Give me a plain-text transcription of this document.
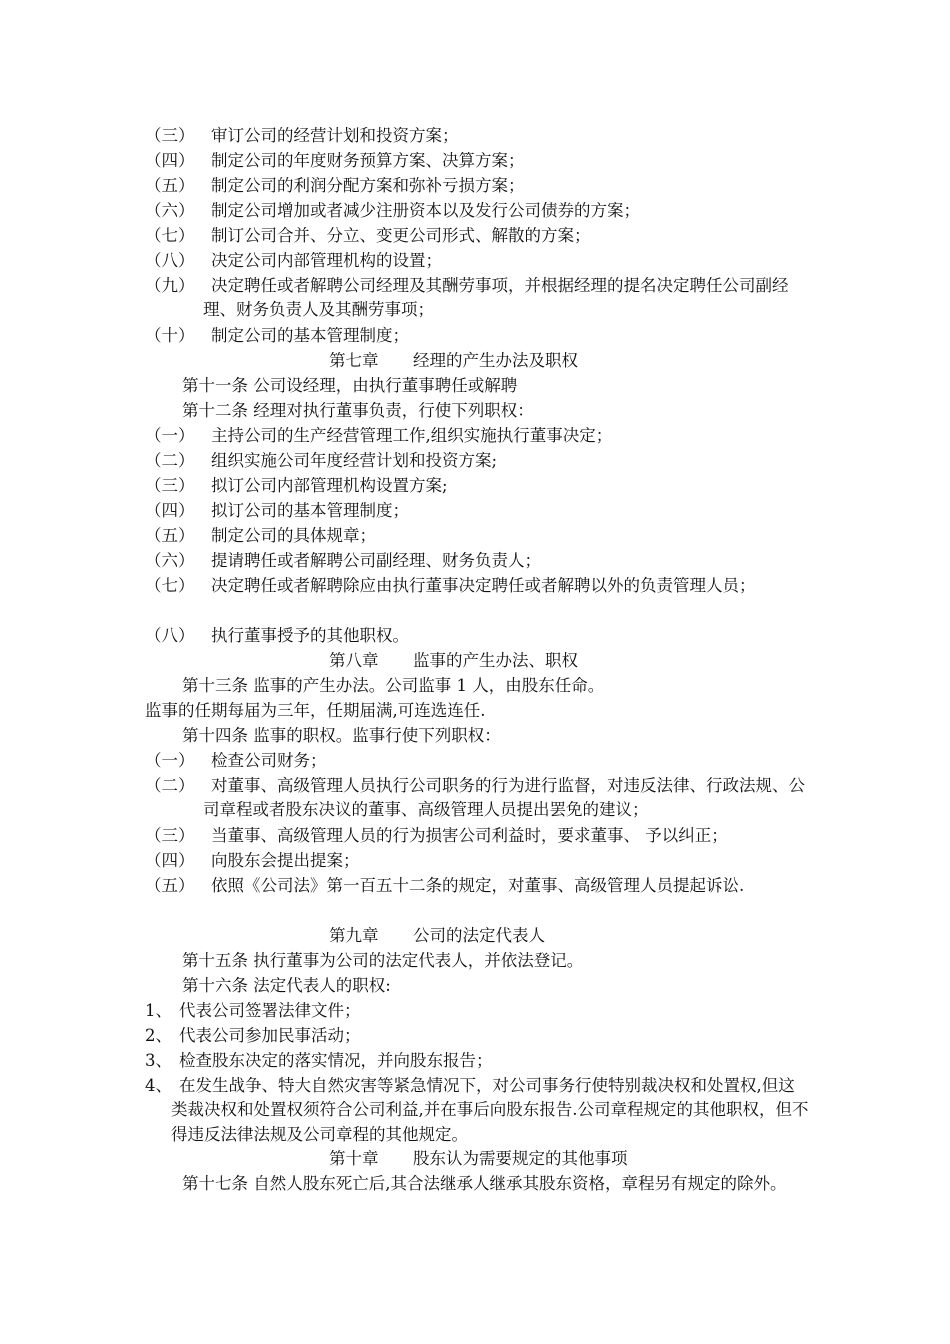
（三） 审订公司的经营计划和投资方案；
（四） 制定公司的年度财务预算方案、决算方案；
（五） 制定公司的利润分配方案和弥补亏损方案；
（六） 制定公司增加或者减少注册资本以及发行公司债券的方案；
（七） 制订公司合并、分立、变更公司形式、解散的方案；
（八） 决定公司内部管理机构的设置；
（九）	决定聘任或者解聘公司经理及其酬劳事项，并根据经理的提名决定聘任公司副经理、财务负责人及其酬劳事项；
（十） 制定公司的基本管理制度；
第七章 经理的产生办法及职权
第十一条 公司设经理，由执行董事聘任或解聘
第十二条 经理对执行董事负责，行使下列职权：
（一） 主持公司的生产经营管理工作,组织实施执行董事决定；
（二） 组织实施公司年度经营计划和投资方案;
（三） 拟订公司内部管理机构设置方案;
（四） 拟订公司的基本管理制度；
（五） 制定公司的具体规章；
（六） 提请聘任或者解聘公司副经理、财务负责人；
（七）	决定聘任或者解聘除应由执行董事决定聘任或者解聘以外的负责管理人员；
（八） 执行董事授予的其他职权。
第八章 监事的产生办法、职权
第十三条 监事的产生办法。公司监事 1 人，由股东任命。
监事的任期每届为三年，任期届满,可连选连任.
第十四条 监事的职权。监事行使下列职权：
（一） 检查公司财务；
（二）	对董事、高级管理人员执行公司职务的行为进行监督，对违反法律、行政法规、公司章程或者股东决议的董事、高级管理人员提出罢免的建议；
（三） 当董事、高级管理人员的行为损害公司利益时，要求董事、 予以纠正；
（四） 向股东会提出提案；
（五）	依照《公司法》第一百五十二条的规定，对董事、高级管理人员提起诉讼.
第九章 公司的法定代表人
第十五条 执行董事为公司的法定代表人，并依法登记。
第十六条 法定代表人的职权:
1、 代表公司签署法律文件；
2、 代表公司参加民事活动；
3、 检查股东决定的落实情况，并向股东报告；
4、 在发生战争、特大自然灾害等紧急情况下，对公司事务行使特别裁决权和处置权,但这类裁决权和处置权须符合公司利益,并在事后向股东报告.公司章程规定的其他职权，但不得违反法律法规及公司章程的其他规定。
第十章 股东认为需要规定的其他事项
第十七条 自然人股东死亡后,其合法继承人继承其股东资格，章程另有规定的除外。
